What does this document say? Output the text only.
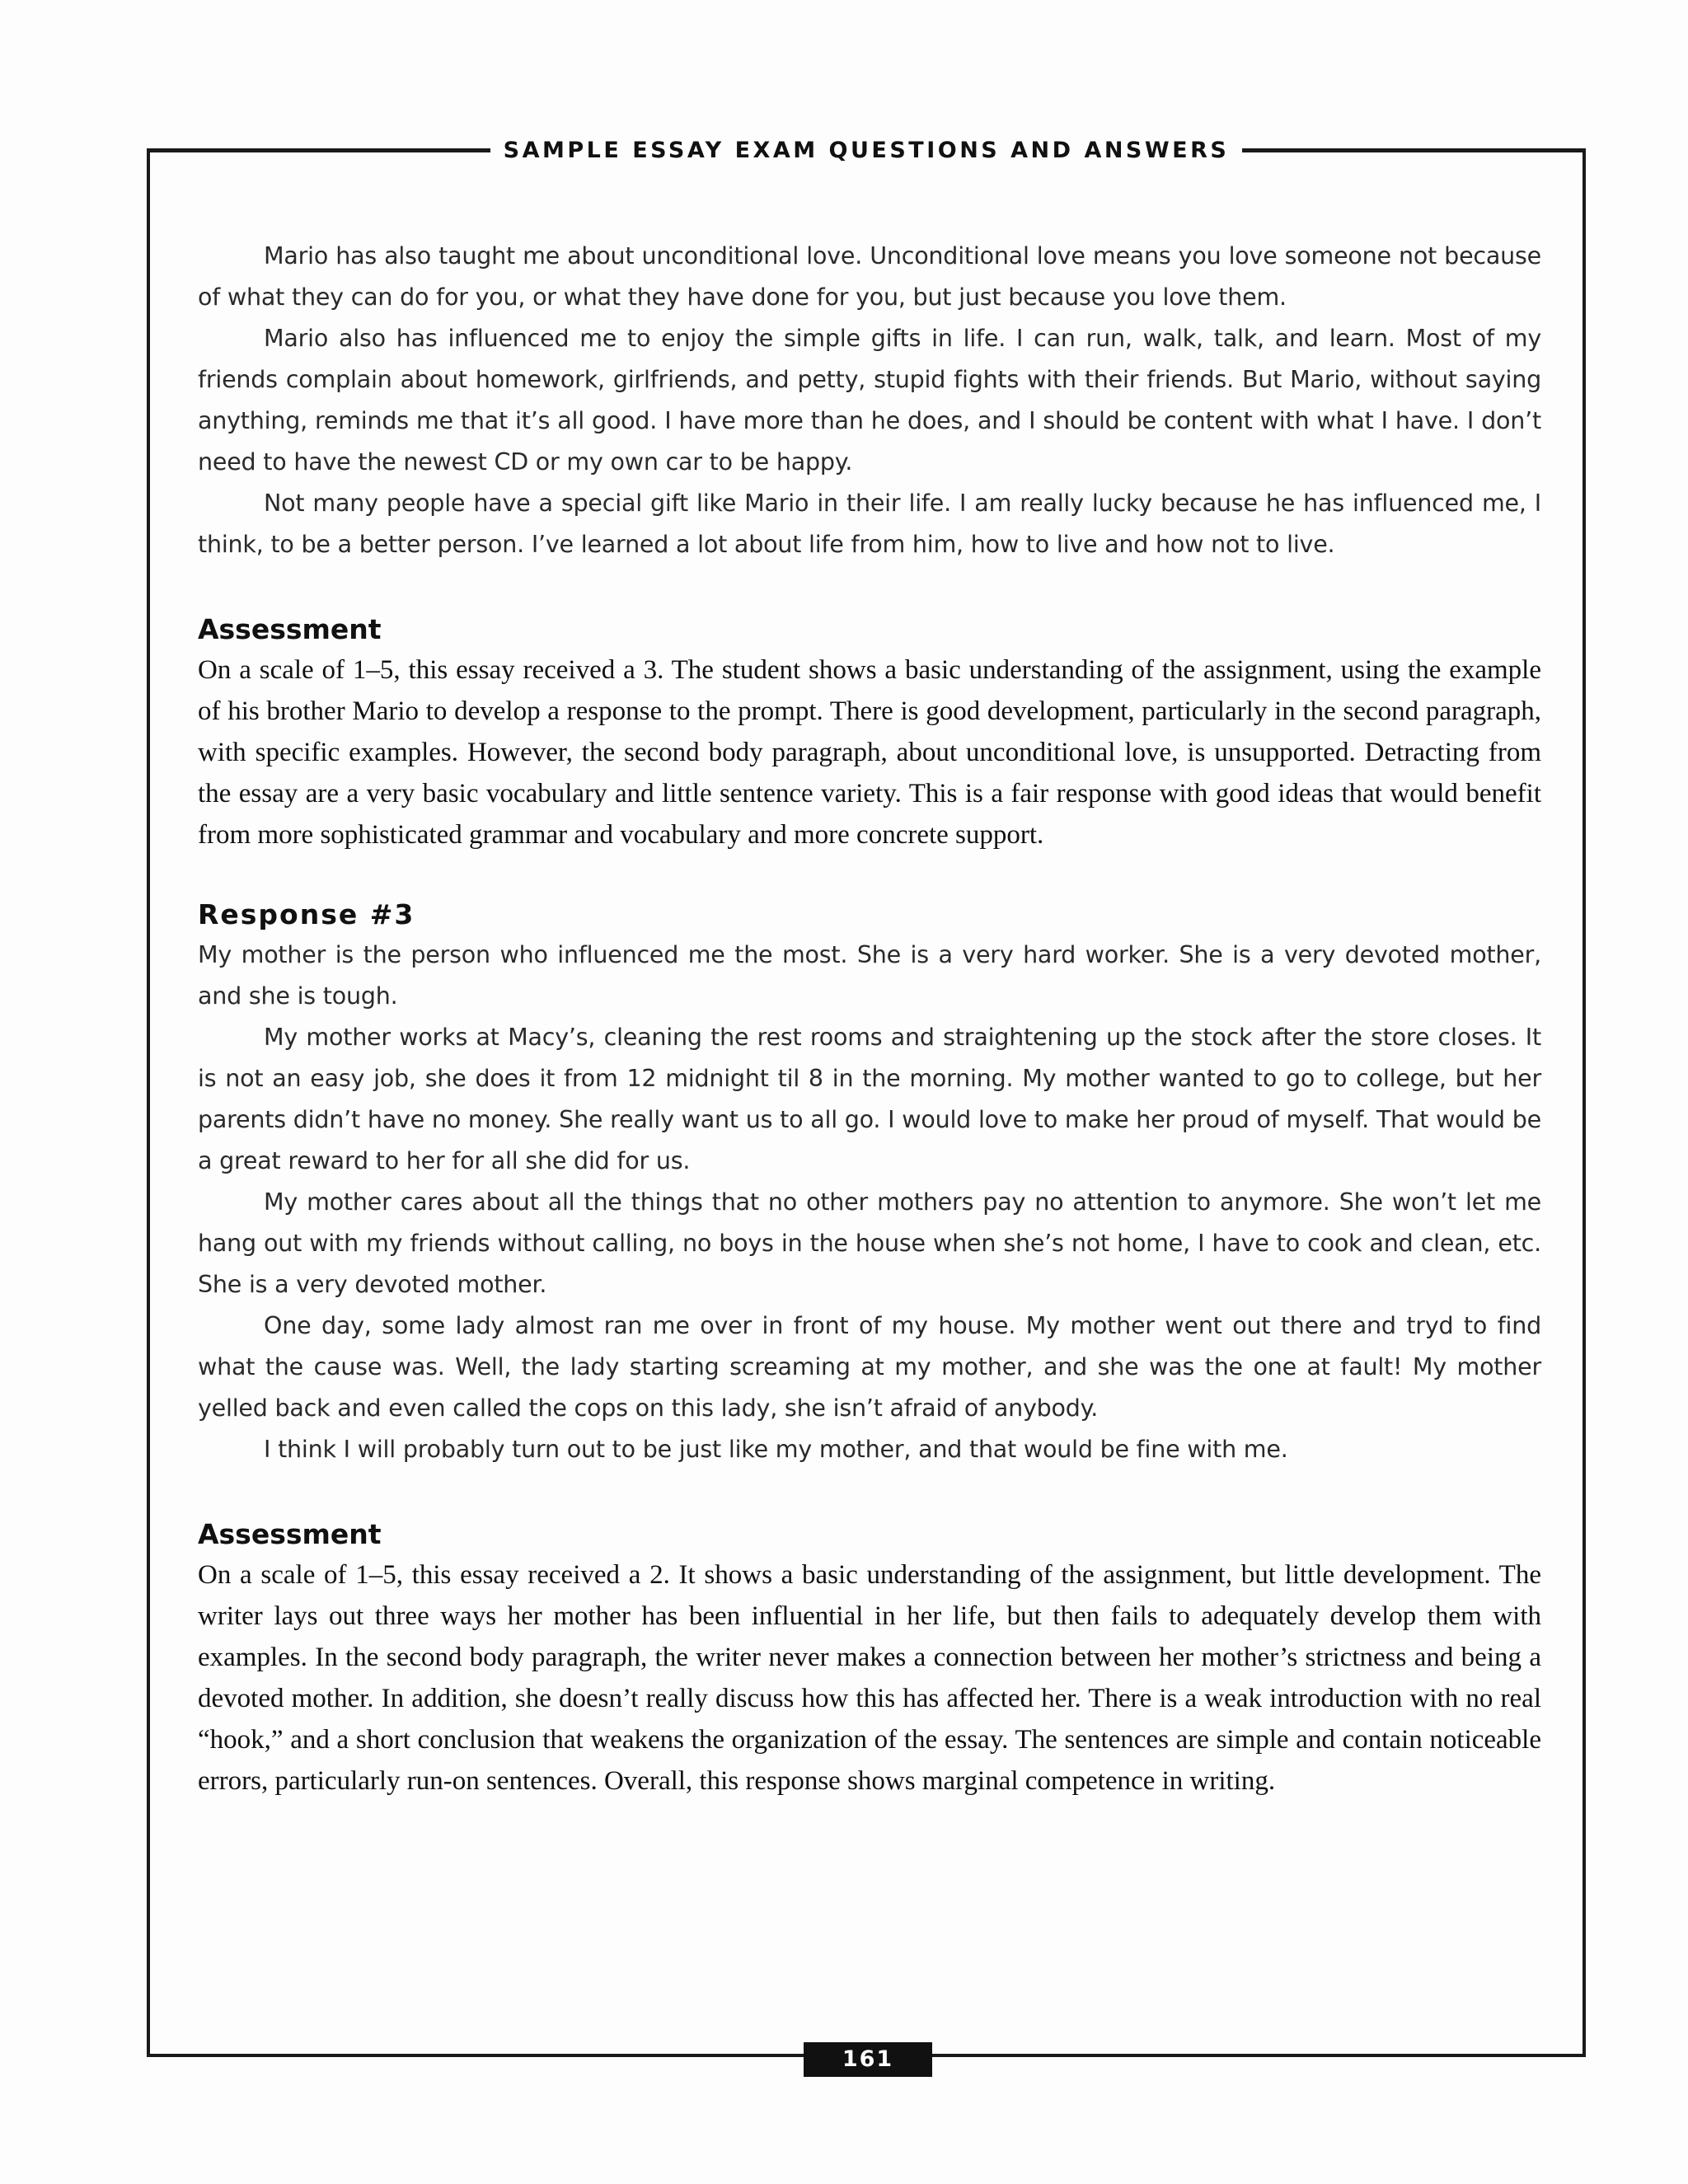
SAMPLE ESSAY EXAM QUESTIONS AND ANSWERS

Mario has also taught me about unconditional love. Unconditional love means you love someone not because of what they can do for you, or what they have done for you, but just because you love them.

Mario also has influenced me to enjoy the simple gifts in life. I can run, walk, talk, and learn. Most of my friends complain about homework, girlfriends, and petty, stupid fights with their friends. But Mario, without saying anything, reminds me that it’s all good. I have more than he does, and I should be content with what I have. I don’t need to have the newest CD or my own car to be happy.

Not many people have a special gift like Mario in their life. I am really lucky because he has influenced me, I think, to be a better person. I’ve learned a lot about life from him, how to live and how not to live.

Assessment

On a scale of 1–5, this essay received a 3. The student shows a basic understanding of the assignment, using the example of his brother Mario to develop a response to the prompt. There is good development, particularly in the second paragraph, with specific examples. However, the second body paragraph, about unconditional love, is unsupported. Detracting from the essay are a very basic vocabulary and little sentence variety. This is a fair response with good ideas that would benefit from more sophisticated grammar and vocabulary and more concrete support.

Response #3

My mother is the person who influenced me the most. She is a very hard worker. She is a very devoted mother, and she is tough.

My mother works at Macy’s, cleaning the rest rooms and straightening up the stock after the store closes. It is not an easy job, she does it from 12 midnight til 8 in the morning. My mother wanted to go to college, but her parents didn’t have no money. She really want us to all go. I would love to make her proud of myself. That would be a great reward to her for all she did for us.

My mother cares about all the things that no other mothers pay no attention to anymore. She won’t let me hang out with my friends without calling, no boys in the house when she’s not home, I have to cook and clean, etc. She is a very devoted mother.

One day, some lady almost ran me over in front of my house. My mother went out there and tryd to find what the cause was. Well, the lady starting screaming at my mother, and she was the one at fault! My mother yelled back and even called the cops on this lady, she isn’t afraid of anybody.

I think I will probably turn out to be just like my mother, and that would be fine with me.

Assessment

On a scale of 1–5, this essay received a 2. It shows a basic understanding of the assignment, but little development. The writer lays out three ways her mother has been influential in her life, but then fails to adequately develop them with examples. In the second body paragraph, the writer never makes a connection between her mother’s strictness and being a devoted mother. In addition, she doesn’t really discuss how this has affected her. There is a weak introduction with no real “hook,” and a short conclusion that weakens the organization of the essay. The sentences are simple and contain noticeable errors, particularly run-on sentences. Overall, this response shows marginal competence in writing.

161
